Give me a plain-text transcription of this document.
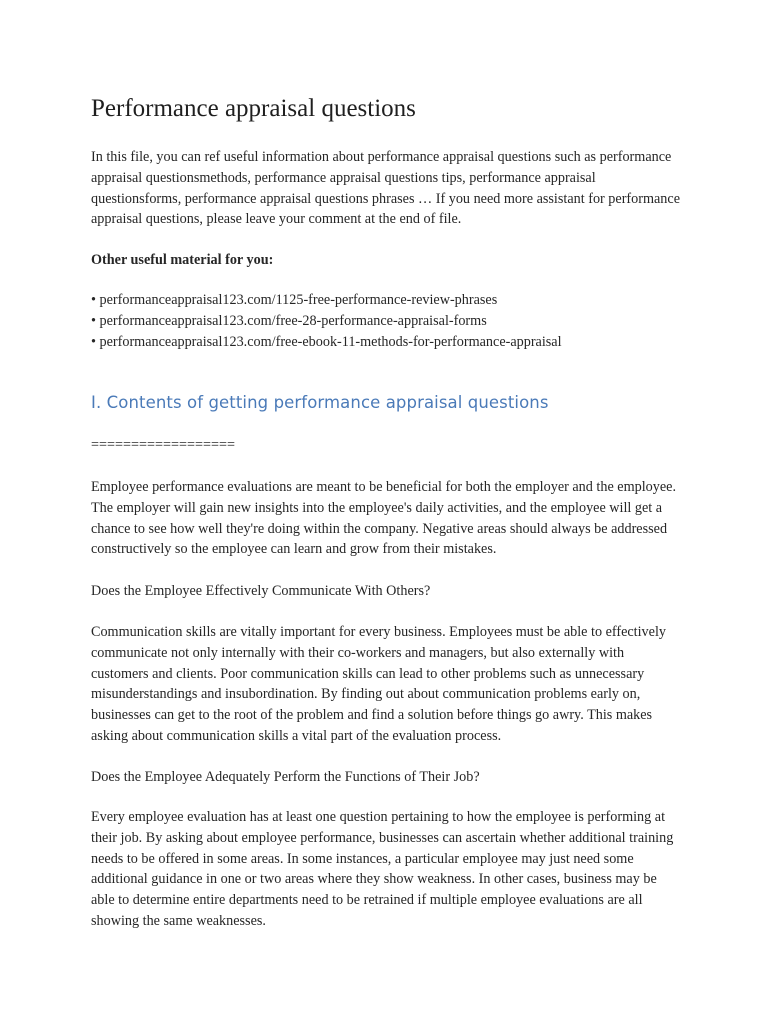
Performance appraisal questions

In this file, you can ref useful information about performance appraisal questions such as performance appraisal questionsmethods, performance appraisal questions tips, performance appraisal questionsforms, performance appraisal questions phrases … If you need more assistant for performance appraisal questions, please leave your comment at the end of file.

Other useful material for you:

• performanceappraisal123.com/1125-free-performance-review-phrases
• performanceappraisal123.com/free-28-performance-appraisal-forms
• performanceappraisal123.com/free-ebook-11-methods-for-performance-appraisal
I. Contents of getting performance appraisal questions

==================

Employee performance evaluations are meant to be beneficial for both the employer and the employee. The employer will gain new insights into the employee's daily activities, and the employee will get a chance to see how well they're doing within the company. Negative areas should always be addressed constructively so the employee can learn and grow from their mistakes.

Does the Employee Effectively Communicate With Others?

Communication skills are vitally important for every business. Employees must be able to effectively communicate not only internally with their co-workers and managers, but also externally with customers and clients. Poor communication skills can lead to other problems such as unnecessary misunderstandings and insubordination. By finding out about communication problems early on, businesses can get to the root of the problem and find a solution before things go awry. This makes asking about communication skills a vital part of the evaluation process.

Does the Employee Adequately Perform the Functions of Their Job?

Every employee evaluation has at least one question pertaining to how the employee is performing at their job. By asking about employee performance, businesses can ascertain whether additional training needs to be offered in some areas. In some instances, a particular employee may just need some additional guidance in one or two areas where they show weakness. In other cases, business may be able to determine entire departments need to be retrained if multiple employee evaluations are all showing the same weaknesses.
